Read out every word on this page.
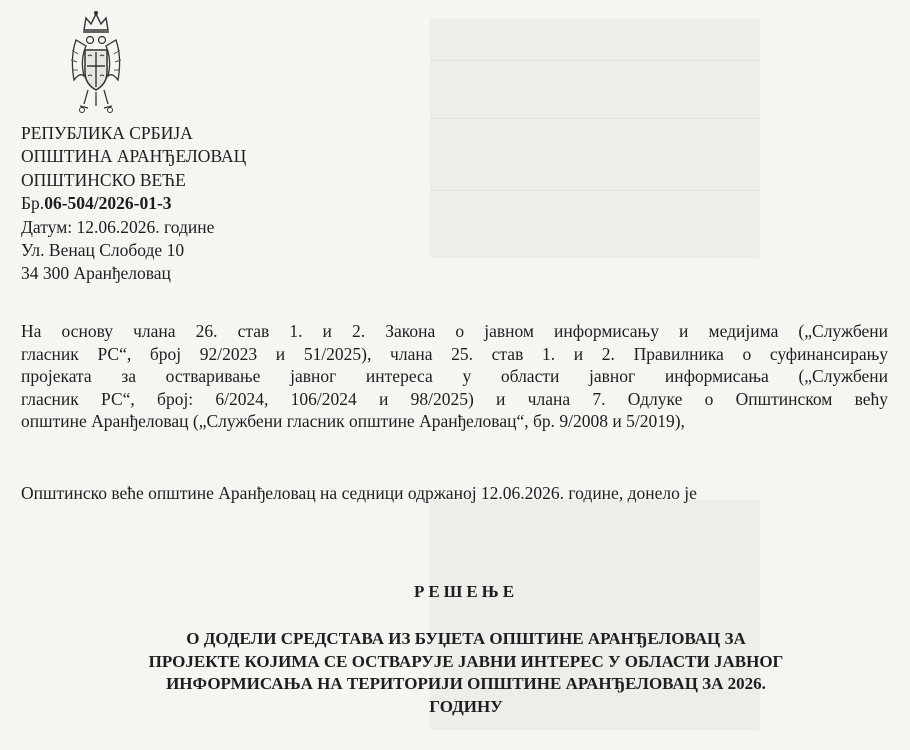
РЕПУБЛИКА СРБИЈА
ОПШТИНА АРАНЂЕЛОВАЦ
ОПШТИНСКО ВЕЋЕ
Бр.06-504/2026-01-3
Датум: 12.06.2026. године
Ул. Венац Слободе 10
34 300 Аранђеловац
На основу члана 26. став 1. и 2. Закона о јавном информисању и медијима („Службени
гласник РС“, број 92/2023 и 51/2025), члана 25. став 1. и 2. Правилника о суфинансирању
пројеката за остваривање јавног интереса у области јавног информисања („Службени
гласник РС“, број: 6/2024, 106/2024 и 98/2025) и члана 7. Одлуке о Општинском већу
општине Аранђеловац („Службени гласник општине Аранђеловац“, бр. 9/2008 и 5/2019),
Општинско веће општине Аранђеловац на седници одржаној 12.06.2026. године, донело је
РЕШЕЊЕ
О ДОДЕЛИ СРЕДСТАВА ИЗ БУЏЕТА ОПШТИНЕ АРАНЂЕЛОВАЦ ЗА
ПРОЈЕКТЕ КОЈИМА СЕ ОСТВАРУЈЕ ЈАВНИ ИНТЕРЕС У ОБЛАСТИ ЈАВНОГ
ИНФОРМИСАЊА НА ТЕРИТОРИЈИ ОПШТИНЕ АРАНЂЕЛОВАЦ ЗА 2026.
ГОДИНУ
